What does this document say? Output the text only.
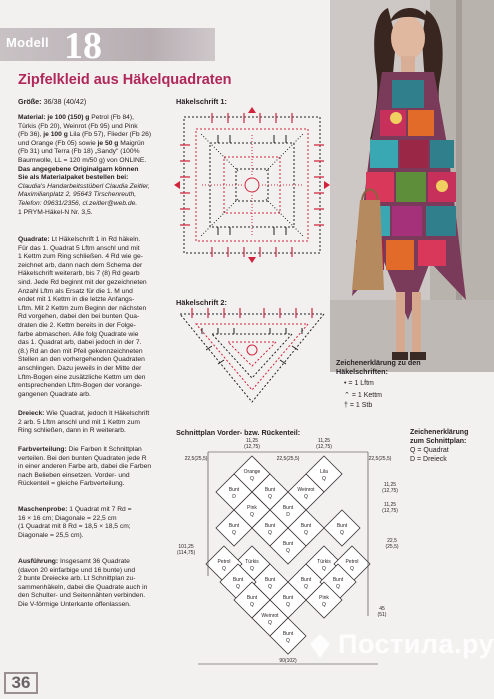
Modell 18
Zipfelkleid aus Häkelquadraten
Größe: 36/38 (40/42)

Material: je 100 (150) g Petrol (Fb 84),

Türkis (Fb 20), Weinrot (Fb 95) und Pink

(Fb 36), je 100 g Lila (Fb 57), Flieder (Fb 26)

und Orange (Fb 05) sowie je 50 g Maigrün

(Fb 31) und Terra (Fb 18) „Sandy" (100%

Baumwolle, LL = 120 m/50 g) von ONLINE.

Das angegebene Originalgarn können

Sie als Materialpaket bestellen bei:

Claudia's Handarbeitsstüberl Claudia Zeitler,

Maximilianplatz 2, 95643 Tirschenreuth,

Telefon: 09631/2356, cl.zeitler@web.de.

1 PRYM-Häkel-N Nr. 3,5.

Quadrate: Lt Häkelschrift 1 in Rd häkeln.

Für das 1. Quadrat 5 Lftm anschl und mit

1 Kettm zum Ring schließen. 4 Rd wie ge-

zeichnet arb, dann nach dem Schema der

Häkelschrift weiterarb, bis 7 (8) Rd gearb

sind. Jede Rd beginnt mit der gezeichneten

Anzahl Lftm als Ersatz für die 1. M und

endet mit 1 Kettm in die letzte Anfangs-

Lftm. Mit 2 Kettm zum Beginn der nächsten

Rd vorgehen, dabei den bei bunten Qua-

draten die 2. Kettm bereits in der Folge-

farbe abmaschen. Alle folg Quadrate wie

das 1. Quadrat arb, dabei jedoch in der 7.

(8.) Rd an den mit Pfeil gekennzeichneten

Stellen an den vorhergehenden Quadraten

anschlingen. Dazu jeweils in der Mitte der

Lftm-Bogen eine zusätzliche Kettm um den

entsprechenden Lftm-Bogen der vorange-

gangenen Quadrate arb.

Dreieck: Wie Quadrat, jedoch lt Häkelschrift

2 arb. 5 Lftm anschl und mit 1 Kettm zum

Ring schließen, dann in R weiterarb.

Farbverteilung: Die Farben lt Schnittplan

verteilen. Bei den bunten Quadraten jede R

in einer anderen Farbe arb, dabei die Farben

nach Belieben einsetzen. Vorder- und

Rückenteil = gleiche Farbverteilung.

Maschenprobe: 1 Quadrat mit 7 Rd =

16 × 16 cm; Diagonale = 22,5 cm

(1 Quadrat mit 8 Rd = 18,5 × 18,5 cm;

Diagonale = 25,5 cm).

Ausführung: Insgesamt 36 Quadrate

(davon 20 einfarbige und 16 bunte) und

2 bunte Dreiecke arb. Lt Schnittplan zu-

sammenhäkeln, dabei die Quadrate auch in

den Schulter- und Seitennähten verbinden.

Die V-förmige Unterkante offenlassen.

Häkelschrift 1:
Häkelschrift 2:
Zeichenerklärung zu den
Häkelschriften:
• = 1 Lftm
⌃ = 1 Kettm
† = 1 Stb
Zeichenerklärung
zum Schnittplan:
Q = Quadrat
D = Dreieck
Schnittplan Vorder- bzw. Rückenteil:
Orange
Q
Lila
Q
Bunt
Q
Bunt
D
Weinrot
Q
Pink
Q
Bunt
D
Bunt
Q
Bunt
Q
Bunt
Q
Bunt
Q
Bunt
Q
Türkis
Q
Petrol
Q
Türkis
Q
Petrol
Q
Bunt
Q
Bunt
Q
Bunt
Q
Bunt
Q
Bunt
Q
Bunt
Q
Pink
Q
Weinrot
Q
Bunt
Q
11,25
(12,75)
11,25
(12,75)
22,5(25,5)	22,5(25,5)	22,5(25,5)
11,25
(12,75)
11,25
(12,75)
22,5
(25,5)
101,25
(114,75)
45
(51)
90(102)
36
Постила.ру
